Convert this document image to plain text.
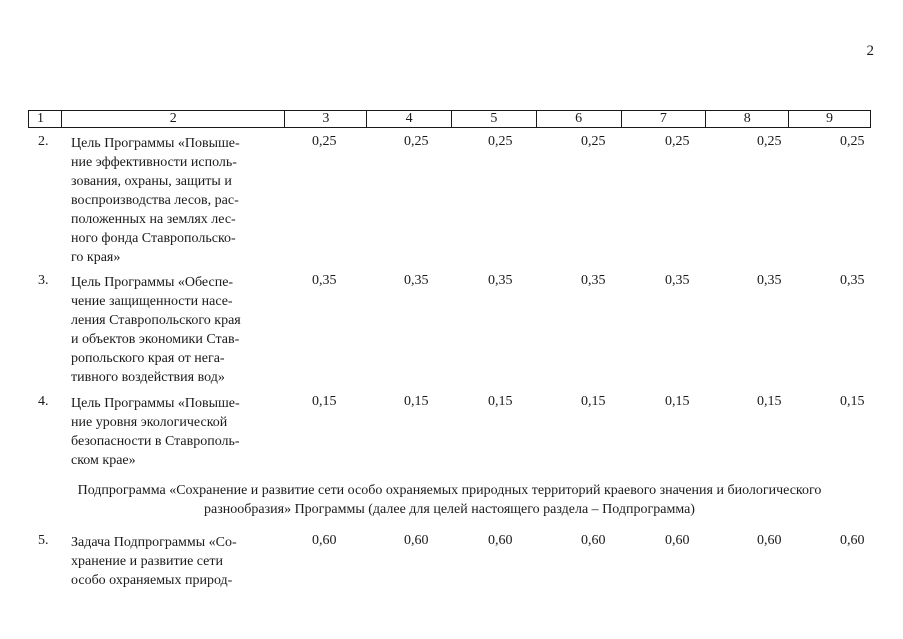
2
1	2	3	4	5	6	7	8	9
2. Цель Программы «Повыше-
ние эффективности исполь-
зования, охраны, защиты и
воспроизводства лесов, рас-
положенных на землях лес-
ного фонда Ставропольско-
го края»
0,25	0,25	0,25	0,25	0,25	0,25	0,25
3. Цель Программы «Обеспе-
чение защищенности насе-
ления Ставропольского края
и объектов экономики Став-
ропольского края от нега-
тивного воздействия вод»
0,35	0,35	0,35	0,35	0,35	0,35	0,35
4. Цель Программы «Повыше-
ние уровня экологической
безопасности в Ставрополь-
ском крае»
0,15	0,15	0,15	0,15	0,15	0,15	0,15
Подпрограмма «Сохранение и развитие сети особо охраняемых природных территорий краевого значения и биологического
разнообразия» Программы (далее для целей настоящего раздела – Подпрограмма)
5. Задача Подпрограммы «Со-
хранение и развитие сети
особо охраняемых природ-
0,60	0,60	0,60	0,60	0,60	0,60	0,60
